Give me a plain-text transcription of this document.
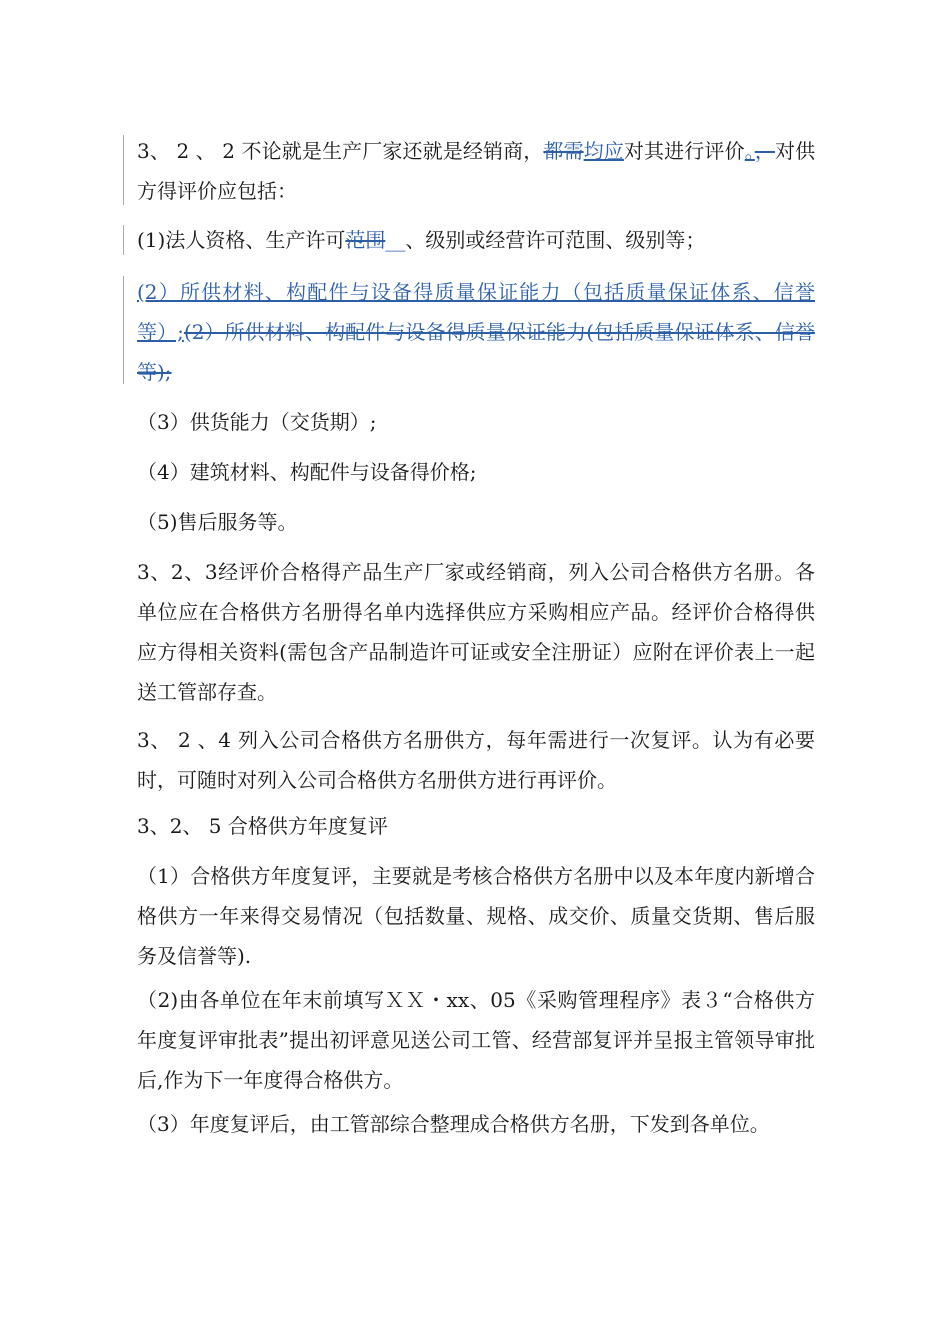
3、 2 、 2 不论就是生产厂家还就是经销商，都需均应对其进行评价。，对供方得评价应包括：

(1)法人资格、生产许可范围__、级别或经营许可范围、级别等；

(2）所供材料、构配件与设备得质量保证能力（包括质量保证体系、信誉等）;(2）所供材料、构配件与设备得质量保证能力(包括质量保证体系、信誉等);

（3）供货能力（交货期）;

（4）建筑材料、构配件与设备得价格;

（5)售后服务等。

3、2、3经评价合格得产品生产厂家或经销商，列入公司合格供方名册。各单位应在合格供方名册得名单内选择供应方采购相应产品。经评价合格得供应方得相关资料(需包含产品制造许可证或安全注册证）应附在评价表上一起送工管部存查。

3、 2 、4 列入公司合格供方名册供方，每年需进行一次复评。认为有必要时，可随时对列入公司合格供方名册供方进行再评价。

3、2、 5 合格供方年度复评

（1）合格供方年度复评，主要就是考核合格供方名册中以及本年度内新增合格供方一年来得交易情况（包括数量、规格、成交价、质量交货期、售后服务及信誉等).

（2)由各单位在年末前填写ＸＸ・xx、05《采购管理程序》表３“合格供方年度复评审批表”提出初评意见送公司工管、经营部复评并呈报主管领导审批后,作为下一年度得合格供方。

（3）年度复评后，由工管部综合整理成合格供方名册，下发到各单位。
